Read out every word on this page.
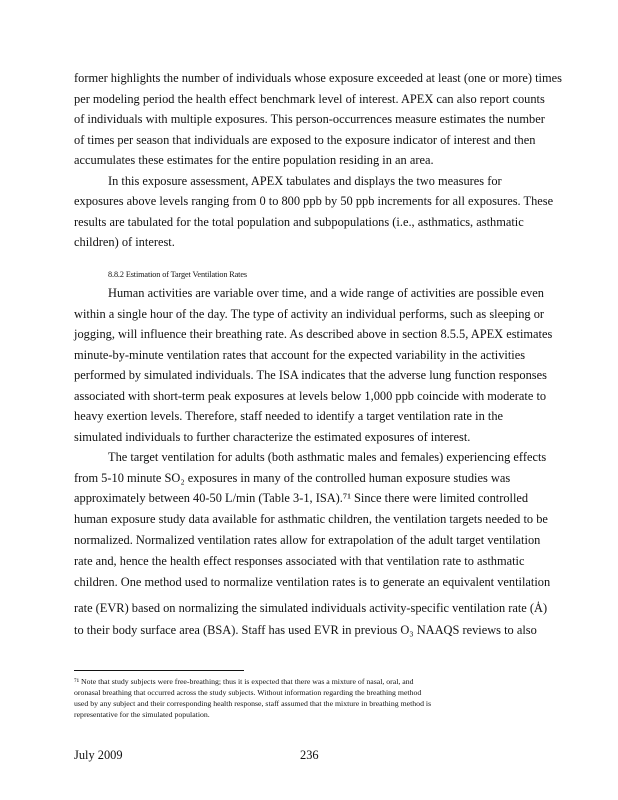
former highlights the number of individuals whose exposure exceeded at least (one or more) times
per modeling period the health effect benchmark level of interest. APEX can also report counts
of individuals with multiple exposures. This person-occurrences measure estimates the number
of times per season that individuals are exposed to the exposure indicator of interest and then
accumulates these estimates for the entire population residing in an area.
In this exposure assessment, APEX tabulates and displays the two measures for
exposures above levels ranging from 0 to 800 ppb by 50 ppb increments for all exposures. These
results are tabulated for the total population and subpopulations (i.e., asthmatics, asthmatic
children) of interest.
8.8.2 Estimation of Target Ventilation Rates
Human activities are variable over time, and a wide range of activities are possible even
within a single hour of the day. The type of activity an individual performs, such as sleeping or
jogging, will influence their breathing rate. As described above in section 8.5.5, APEX estimates
minute-by-minute ventilation rates that account for the expected variability in the activities
performed by simulated individuals. The ISA indicates that the adverse lung function responses
associated with short-term peak exposures at levels below 1,000 ppb coincide with moderate to
heavy exertion levels. Therefore, staff needed to identify a target ventilation rate in the
simulated individuals to further characterize the estimated exposures of interest.
The target ventilation for adults (both asthmatic males and females) experiencing effects
from 5-10 minute SO₂ exposures in many of the controlled human exposure studies was
approximately between 40-50 L/min (Table 3-1, ISA).⁷¹ Since there were limited controlled
human exposure study data available for asthmatic children, the ventilation targets needed to be
normalized. Normalized ventilation rates allow for extrapolation of the adult target ventilation
rate and, hence the health effect responses associated with that ventilation rate to asthmatic
children. One method used to normalize ventilation rates is to generate an equivalent ventilation
rate (EVR) based on normalizing the simulated individuals activity-specific ventilation rate (Ȧ)
to their body surface area (BSA). Staff has used EVR in previous O₃ NAAQS reviews to also
⁷¹ Note that study subjects were free-breathing; thus it is expected that there was a mixture of nasal, oral, and
oronasal breathing that occurred across the study subjects. Without information regarding the breathing method
used by any subject and their corresponding health response, staff assumed that the mixture in breathing method is
representative for the simulated population.
July 2009	236
